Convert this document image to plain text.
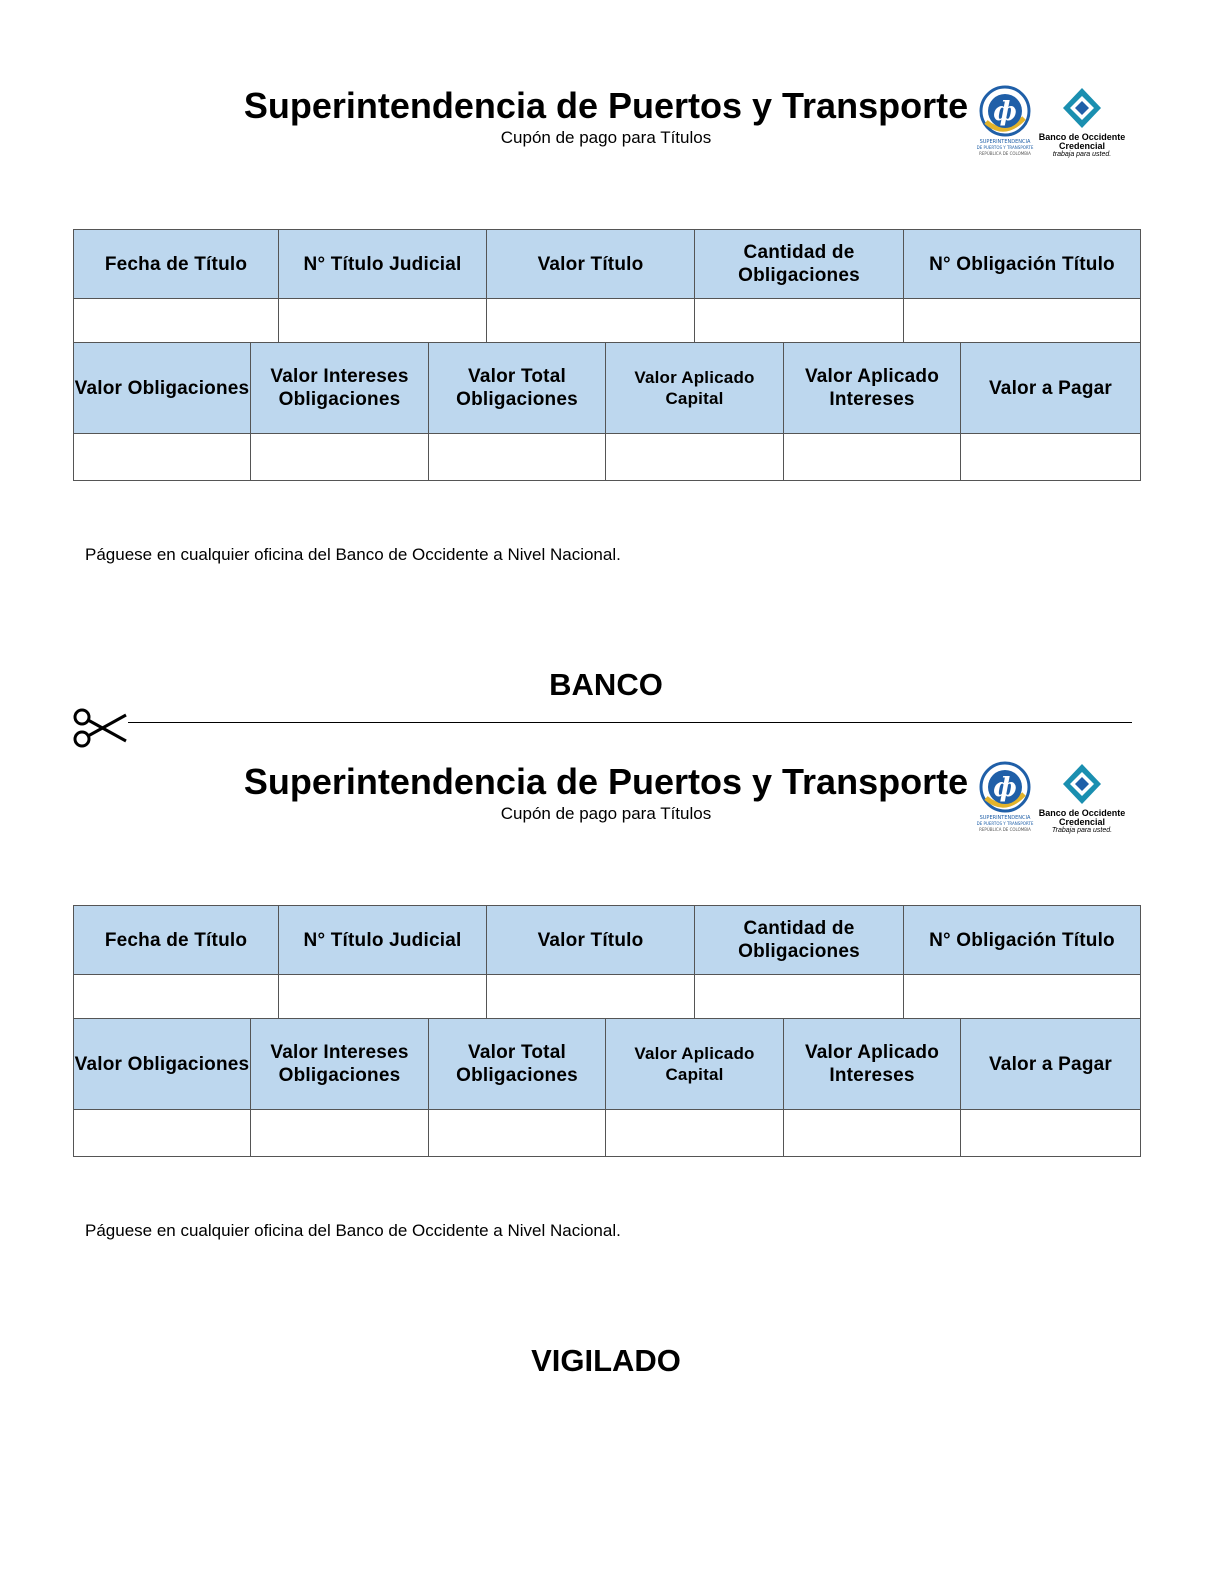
Superintendencia de Puertos y Transporte
Cupón de pago para Títulos
ф
SUPERINTENDENCIA
DE PUERTOS Y TRANSPORTE
REPÚBLICA DE COLOMBIA
Banco de Occidente
Credencial
trabaja para usted.
Fecha de Título	N° Título Judicial	Valor Título	Cantidad de Obligaciones	N° Obligación Título

Valor Obligaciones	Valor Intereses Obligaciones	Valor Total Obligaciones	Valor Aplicado Capital	Valor Aplicado Intereses	Valor a Pagar

Páguese en cualquier oficina del Banco de Occidente a Nivel Nacional.
BANCO
Superintendencia de Puertos y Transporte
Cupón de pago para Títulos
ф
SUPERINTENDENCIA
DE PUERTOS Y TRANSPORTE
REPÚBLICA DE COLOMBIA
Banco de Occidente
Credencial
Trabaja para usted.
Fecha de Título	N° Título Judicial	Valor Título	Cantidad de Obligaciones	N° Obligación Título

Valor Obligaciones	Valor Intereses Obligaciones	Valor Total Obligaciones	Valor Aplicado Capital	Valor Aplicado Intereses	Valor a Pagar

Páguese en cualquier oficina del Banco de Occidente a Nivel Nacional.
VIGILADO
